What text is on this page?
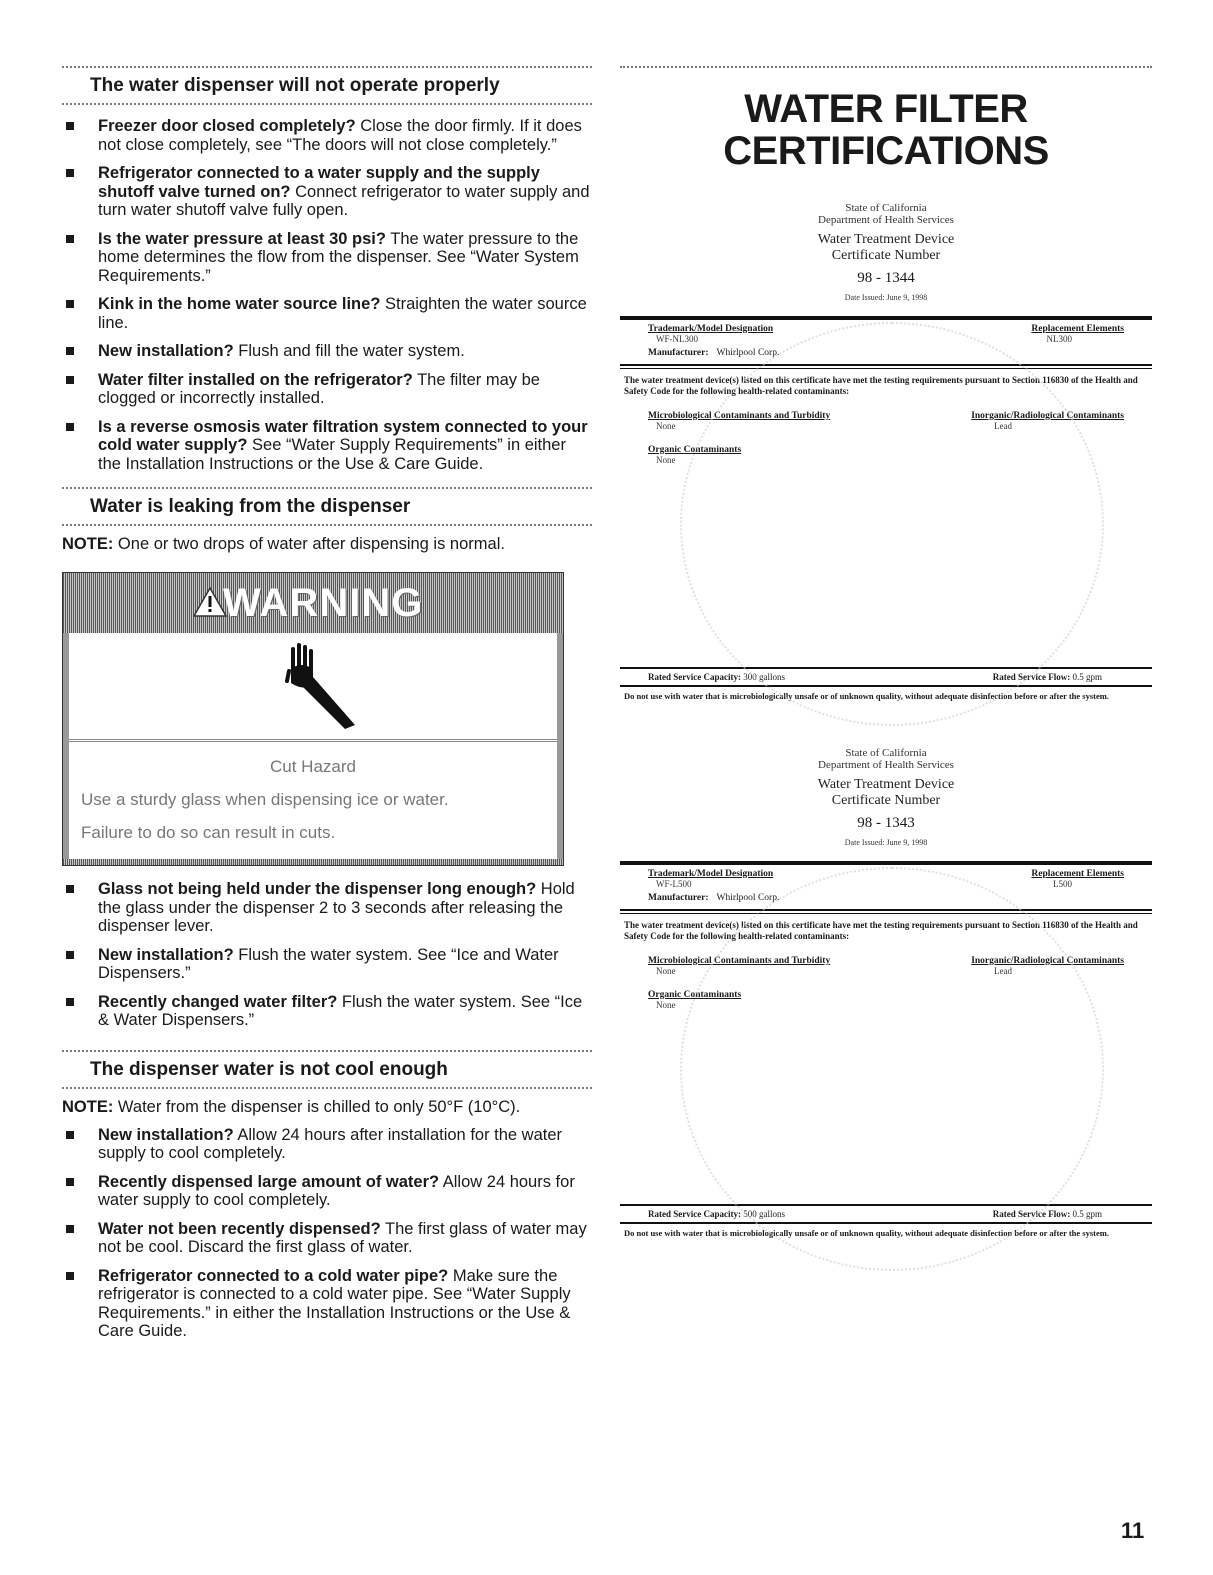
The water dispenser will not operate properly
Freezer door closed completely? Close the door firmly. If it does not close completely, see “The doors will not close completely.”
Refrigerator connected to a water supply and the supply shutoff valve turned on? Connect refrigerator to water supply and turn water shutoff valve fully open.
Is the water pressure at least 30 psi? The water pressure to the home determines the flow from the dispenser. See “Water System Requirements.”
Kink in the home water source line? Straighten the water source line.
New installation? Flush and fill the water system.
Water filter installed on the refrigerator? The filter may be clogged or incorrectly installed.
Is a reverse osmosis water filtration system connected to your cold water supply? See “Water Supply Requirements” in either the Installation Instructions or the Use & Care Guide.
Water is leaking from the dispenser
NOTE: One or two drops of water after dispensing is normal.
WARNING
Cut Hazard
Use a sturdy glass when dispensing ice or water.
Failure to do so can result in cuts.
Glass not being held under the dispenser long enough? Hold the glass under the dispenser 2 to 3 seconds after releasing the dispenser lever.
New installation? Flush the water system. See “Ice and Water Dispensers.”
Recently changed water filter? Flush the water system. See “Ice & Water Dispensers.”
The dispenser water is not cool enough
NOTE: Water from the dispenser is chilled to only 50°F (10°C).
New installation? Allow 24 hours after installation for the water supply to cool completely.
Recently dispensed large amount of water? Allow 24 hours for water supply to cool completely.
Water not been recently dispensed? The first glass of water may not be cool. Discard the first glass of water.
Refrigerator connected to a cold water pipe? Make sure the refrigerator is connected to a cold water pipe. See “Water Supply Requirements.” in either the Installation Instructions or the Use & Care Guide.
WATER FILTER
CERTIFICATIONS
State of California
Department of Health Services
Water Treatment Device
Certificate Number
98 - 1344
Date Issued: June 9, 1998
Trademark/Model Designation	Replacement Elements
WF-NL300	NL300
Manufacturer: Whirlpool Corp.
The water treatment device(s) listed on this certificate have met the testing requirements pursuant to Section 116830 of the Health and Safety Code for the following health-related contaminants:
Microbiological Contaminants and Turbidity	Inorganic/Radiological Contaminants
None	Lead
Organic Contaminants
None
Rated Service Capacity: 300 gallons	Rated Service Flow: 0.5 gpm
Do not use with water that is microbiologically unsafe or of unknown quality, without adequate disinfection before or after the system.
State of California
Department of Health Services
Water Treatment Device
Certificate Number
98 - 1343
Date Issued: June 9, 1998
Trademark/Model Designation	Replacement Elements
WF-L500	L500
Manufacturer: Whirlpool Corp.
The water treatment device(s) listed on this certificate have met the testing requirements pursuant to Section 116830 of the Health and Safety Code for the following health-related contaminants:
Microbiological Contaminants and Turbidity	Inorganic/Radiological Contaminants
None	Lead
Organic Contaminants
None
Rated Service Capacity: 500 gallons	Rated Service Flow: 0.5 gpm
Do not use with water that is microbiologically unsafe or of unknown quality, without adequate disinfection before or after the system.
11
